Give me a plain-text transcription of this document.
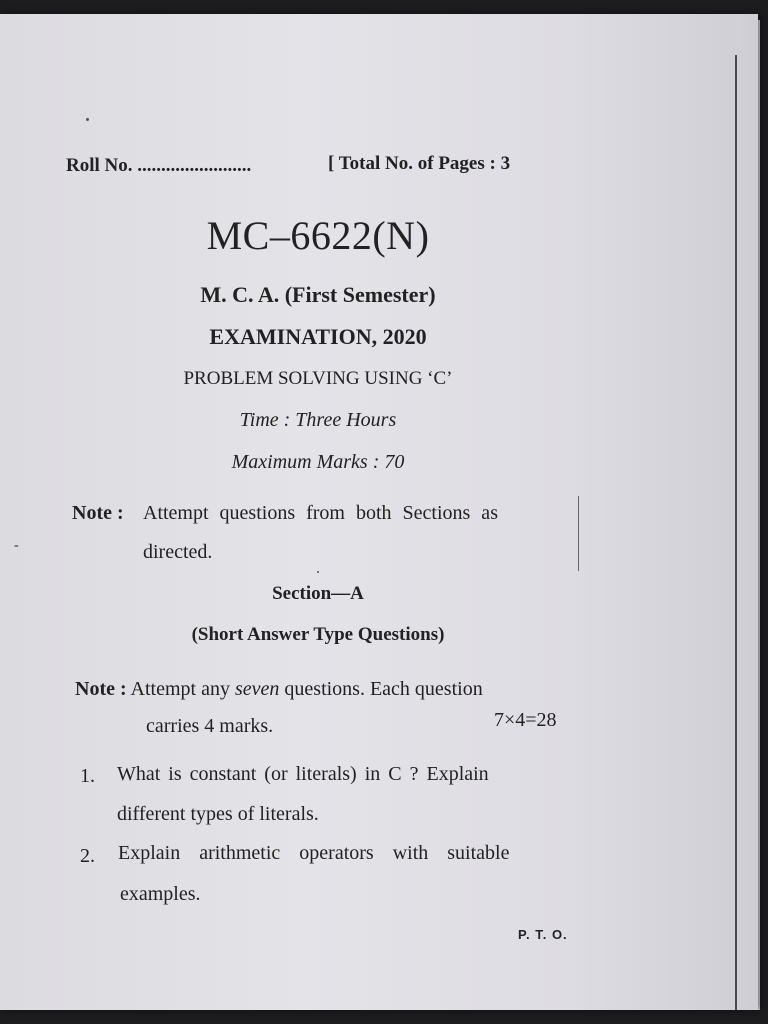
-
Roll No. ........................	[ Total No. of Pages : 3
MC–6622(N)
M. C. A. (First Semester)
EXAMINATION, 2020
PROBLEM SOLVING USING ‘C’
Time : Three Hours
Maximum Marks : 70
Note : Attempt questions from both Sections as
directed.
Section—A
(Short Answer Type Questions)
Note : Attempt any seven questions. Each question
carries 4 marks.	7×4=28
1. What is constant (or literals) in C ? Explain
different types of literals.
2. Explain arithmetic operators with suitable
examples.
P. T. O.
